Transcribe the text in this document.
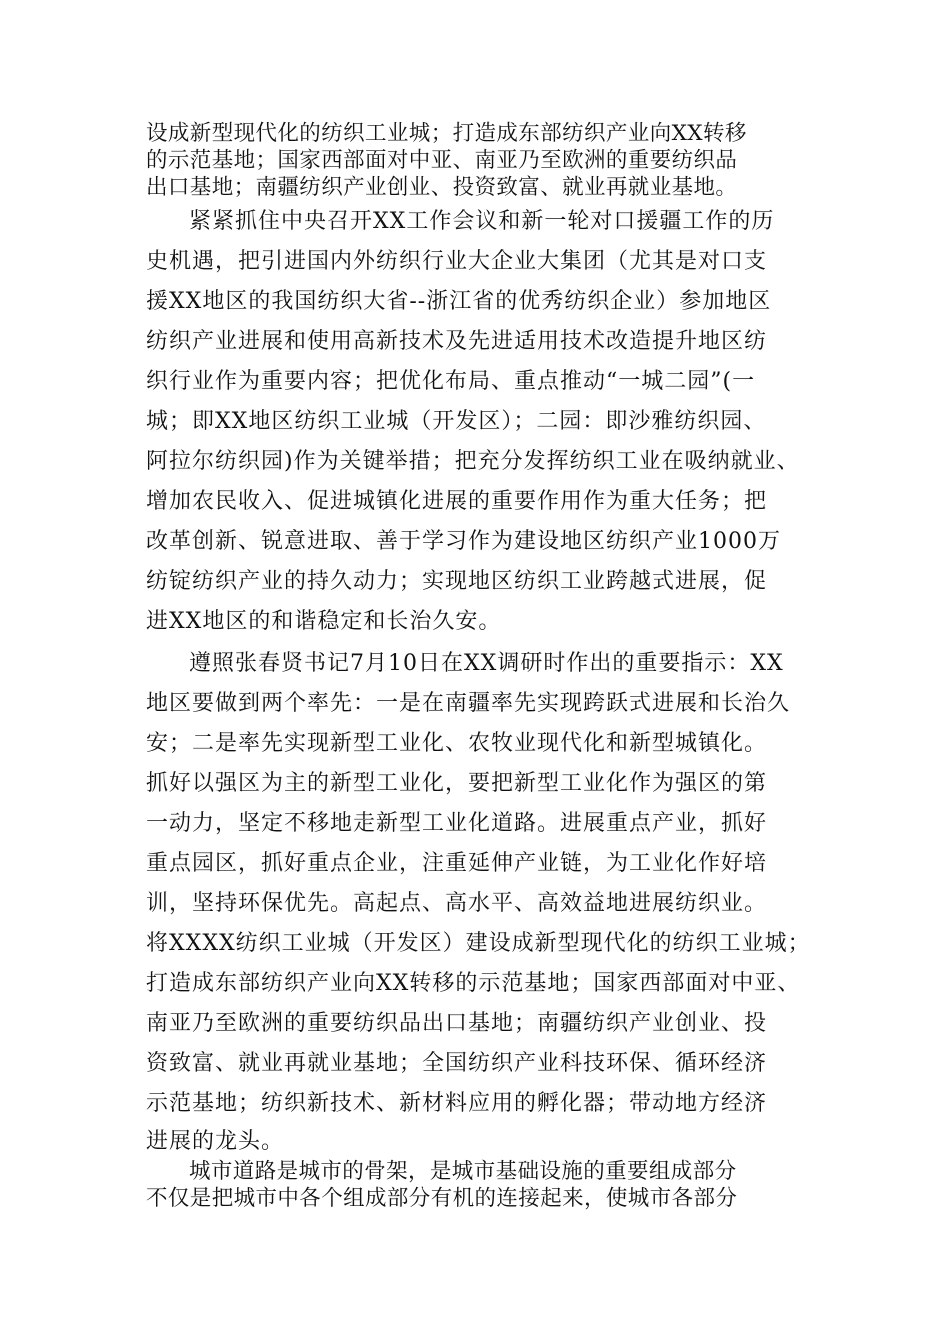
设成新型现代化的纺织工业城；打造成东部纺织产业向XX转移
的示范基地；国家西部面对中亚、南亚乃至欧洲的重要纺织品
出口基地；南疆纺织产业创业、投资致富、就业再就业基地。
紧紧抓住中央召开XX工作会议和新一轮对口援疆工作的历
史机遇，把引进国内外纺织行业大企业大集团（尤其是对口支
援XX地区的我国纺织大省--浙江省的优秀纺织企业）参加地区
纺织产业进展和使用高新技术及先进适用技术改造提升地区纺
织行业作为重要内容；把优化布局、重点推动“一城二园”(一
城；即XX地区纺织工业城（开发区）；二园：即沙雅纺织园、
阿拉尔纺织园)作为关键举措；把充分发挥纺织工业在吸纳就业、
增加农民收入、促进城镇化进展的重要作用作为重大任务；把
改革创新、锐意进取、善于学习作为建设地区纺织产业1000万
纺锭纺织产业的持久动力；实现地区纺织工业跨越式进展，促
进XX地区的和谐稳定和长治久安。
遵照张春贤书记7月10日在XX调研时作出的重要指示：XX
地区要做到两个率先：一是在南疆率先实现跨跃式进展和长治久
安；二是率先实现新型工业化、农牧业现代化和新型城镇化。
抓好以强区为主的新型工业化，要把新型工业化作为强区的第
一动力，坚定不移地走新型工业化道路。进展重点产业，抓好
重点园区，抓好重点企业，注重延伸产业链，为工业化作好培
训，坚持环保优先。高起点、高水平、高效益地进展纺织业。
将XXXX纺织工业城（开发区）建设成新型现代化的纺织工业城；
打造成东部纺织产业向XX转移的示范基地；国家西部面对中亚、
南亚乃至欧洲的重要纺织品出口基地；南疆纺织产业创业、投
资致富、就业再就业基地；全国纺织产业科技环保、循环经济
示范基地；纺织新技术、新材料应用的孵化器；带动地方经济
进展的龙头。
城市道路是城市的骨架，是城市基础设施的重要组成部分
不仅是把城市中各个组成部分有机的连接起来，使城市各部分
